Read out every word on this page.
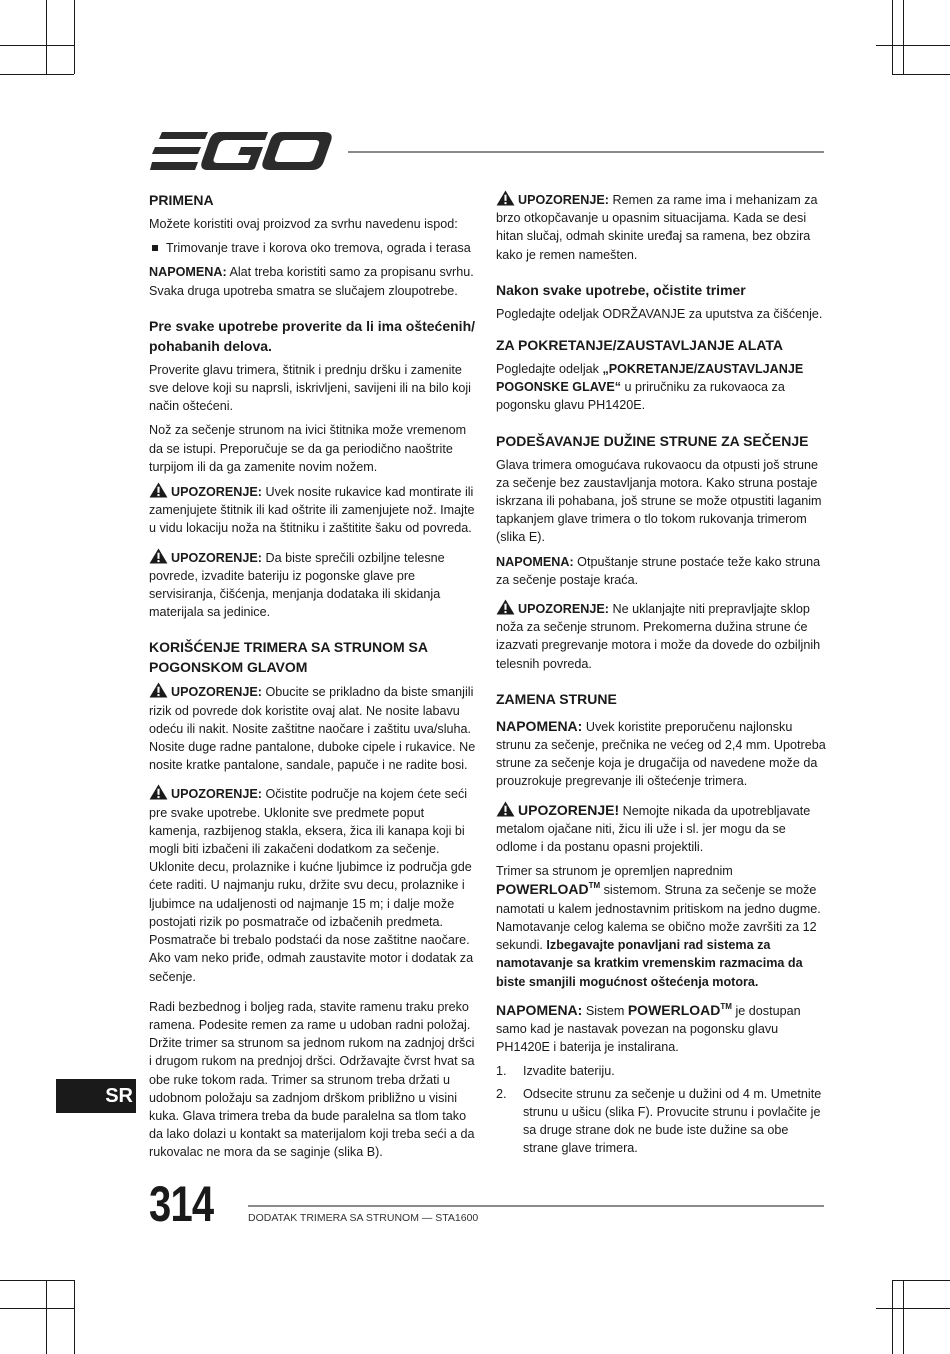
PRIMENA

Možete koristiti ovaj proizvod za svrhu navedenu ispod:

Trimovanje trave i korova oko tremova, ograda i terasa

NAPOMENA: Alat treba koristiti samo za propisanu svrhu. Svaka druga upotreba smatra se slučajem zloupotrebe.

Pre svake upotrebe proverite da li ima oštećenih/ pohabanih delova.

Proverite glavu trimera, štitnik i prednju dršku i zamenite sve delove koji su naprsli, iskrivljeni, savijeni ili na bilo koji način oštećeni.

Nož za sečenje strunom na ivici štitnika može vremenom da se istupi. Preporučuje se da ga periodično naoštrite turpijom ili da ga zamenite novim nožem.

UPOZORENJE: Uvek nosite rukavice kad montirate ili zamenjujete štitnik ili kad oštrite ili zamenjujete nož. Imajte u vidu lokaciju noža na štitniku i zaštitite šaku od povreda.

UPOZORENJE: Da biste sprečili ozbiljne telesne povrede, izvadite bateriju iz pogonske glave pre servisiranja, čišćenja, menjanja dodataka ili skidanja materijala sa jedinice.

KORIŠĆENJE TRIMERA SA STRUNOM SA POGONSKOM GLAVOM

UPOZORENJE: Obucite se prikladno da biste smanjili rizik od povrede dok koristite ovaj alat. Ne nosite labavu odeću ili nakit. Nosite zaštitne naočare i zaštitu uva/sluha. Nosite duge radne pantalone, duboke cipele i rukavice. Ne nosite kratke pantalone, sandale, papuče i ne radite bosi.

UPOZORENJE: Očistite područje na kojem ćete seći pre svake upotrebe. Uklonite sve predmete poput kamenja, razbijenog stakla, eksera, žica ili kanapa koji bi mogli biti izbačeni ili zakačeni dodatkom za sečenje. Uklonite decu, prolaznike i kućne ljubimce iz područja gde ćete raditi. U najmanju ruku, držite svu decu, prolaznike i ljubimce na udaljenosti od najmanje 15 m; i dalje može postojati rizik po posmatrače od izbačenih predmeta. Posmatrače bi trebalo podstaći da nose zaštitne naočare. Ako vam neko priđe, odmah zaustavite motor i dodatak za sečenje.

Radi bezbednog i boljeg rada, stavite ramenu traku preko ramena. Podesite remen za rame u udoban radni položaj. Držite trimer sa strunom sa jednom rukom na zadnjoj dršci i drugom rukom na prednjoj dršci. Održavajte čvrst hvat sa obe ruke tokom rada. Trimer sa strunom treba držati u udobnom položaju sa zadnjom drškom približno u visini kuka. Glava trimera treba da bude paralelna sa tlom tako da lako dolazi u kontakt sa materijalom koji treba seći a da rukovalac ne mora da se saginje (slika B).

UPOZORENJE: Remen za rame ima i mehanizam za brzo otkopčavanje u opasnim situacijama. Kada se desi hitan slučaj, odmah skinite uređaj sa ramena, bez obzira kako je remen namešten.

Nakon svake upotrebe, očistite trimer

Pogledajte odeljak ODRŽAVANJE za uputstva za čišćenje.

ZA POKRETANJE/ZAUSTAVLJANJE ALATA

Pogledajte odeljak „POKRETANJE/ZAUSTAVLJANJE POGONSKE GLAVE“ u priručniku za rukovaoca za pogonsku glavu PH1420E.

PODEŠAVANJE DUŽINE STRUNE ZA SEČENJE

Glava trimera omogućava rukovaocu da otpusti još strune za sečenje bez zaustavljanja motora. Kako struna postaje iskrzana ili pohabana, još strune se može otpustiti laganim tapkanjem glave trimera o tlo tokom rukovanja trimerom (slika E).

NAPOMENA: Otpuštanje strune postaće teže kako struna za sečenje postaje kraća.

UPOZORENJE: Ne uklanjajte niti prepravljajte sklop noža za sečenje strunom. Prekomerna dužina strune će izazvati pregrevanje motora i može da dovede do ozbiljnih telesnih povreda.

ZAMENA STRUNE

NAPOMENA: Uvek koristite preporučenu najlonsku strunu za sečenje, prečnika ne većeg od 2,4 mm. Upotreba strune za sečenje koja je drugačija od navedene može da prouzrokuje pregrevanje ili oštećenje trimera.

UPOZORENJE! Nemojte nikada da upotrebljavate metalom ojačane niti, žicu ili uže i sl. jer mogu da se odlome i da postanu opasni projektili.

Trimer sa strunom je opremljen naprednim POWERLOAD™ sistemom. Struna za sečenje se može namotati u kalem jednostavnim pritiskom na jedno dugme. Namotavanje celog kalema se obično može završiti za 12 sekundi. Izbegavajte ponavljani rad sistema za namotavanje sa kratkim vremenskim razmacima da biste smanjili mogućnost oštećenja motora.

NAPOMENA: Sistem POWERLOAD™ je dostupan samo kad je nastavak povezan na pogonsku glavu PH1420E i baterija je instalirana.

1. Izvadite bateriju.
2. Odsecite strunu za sečenje u dužini od 4 m. Umetnite strunu u ušicu (slika F). Provucite strunu i povlačite je sa druge strane dok ne bude iste dužine sa obe strane glave trimera.
SR
314	DODATAK TRIMERA SA STRUNOM — STA1600
